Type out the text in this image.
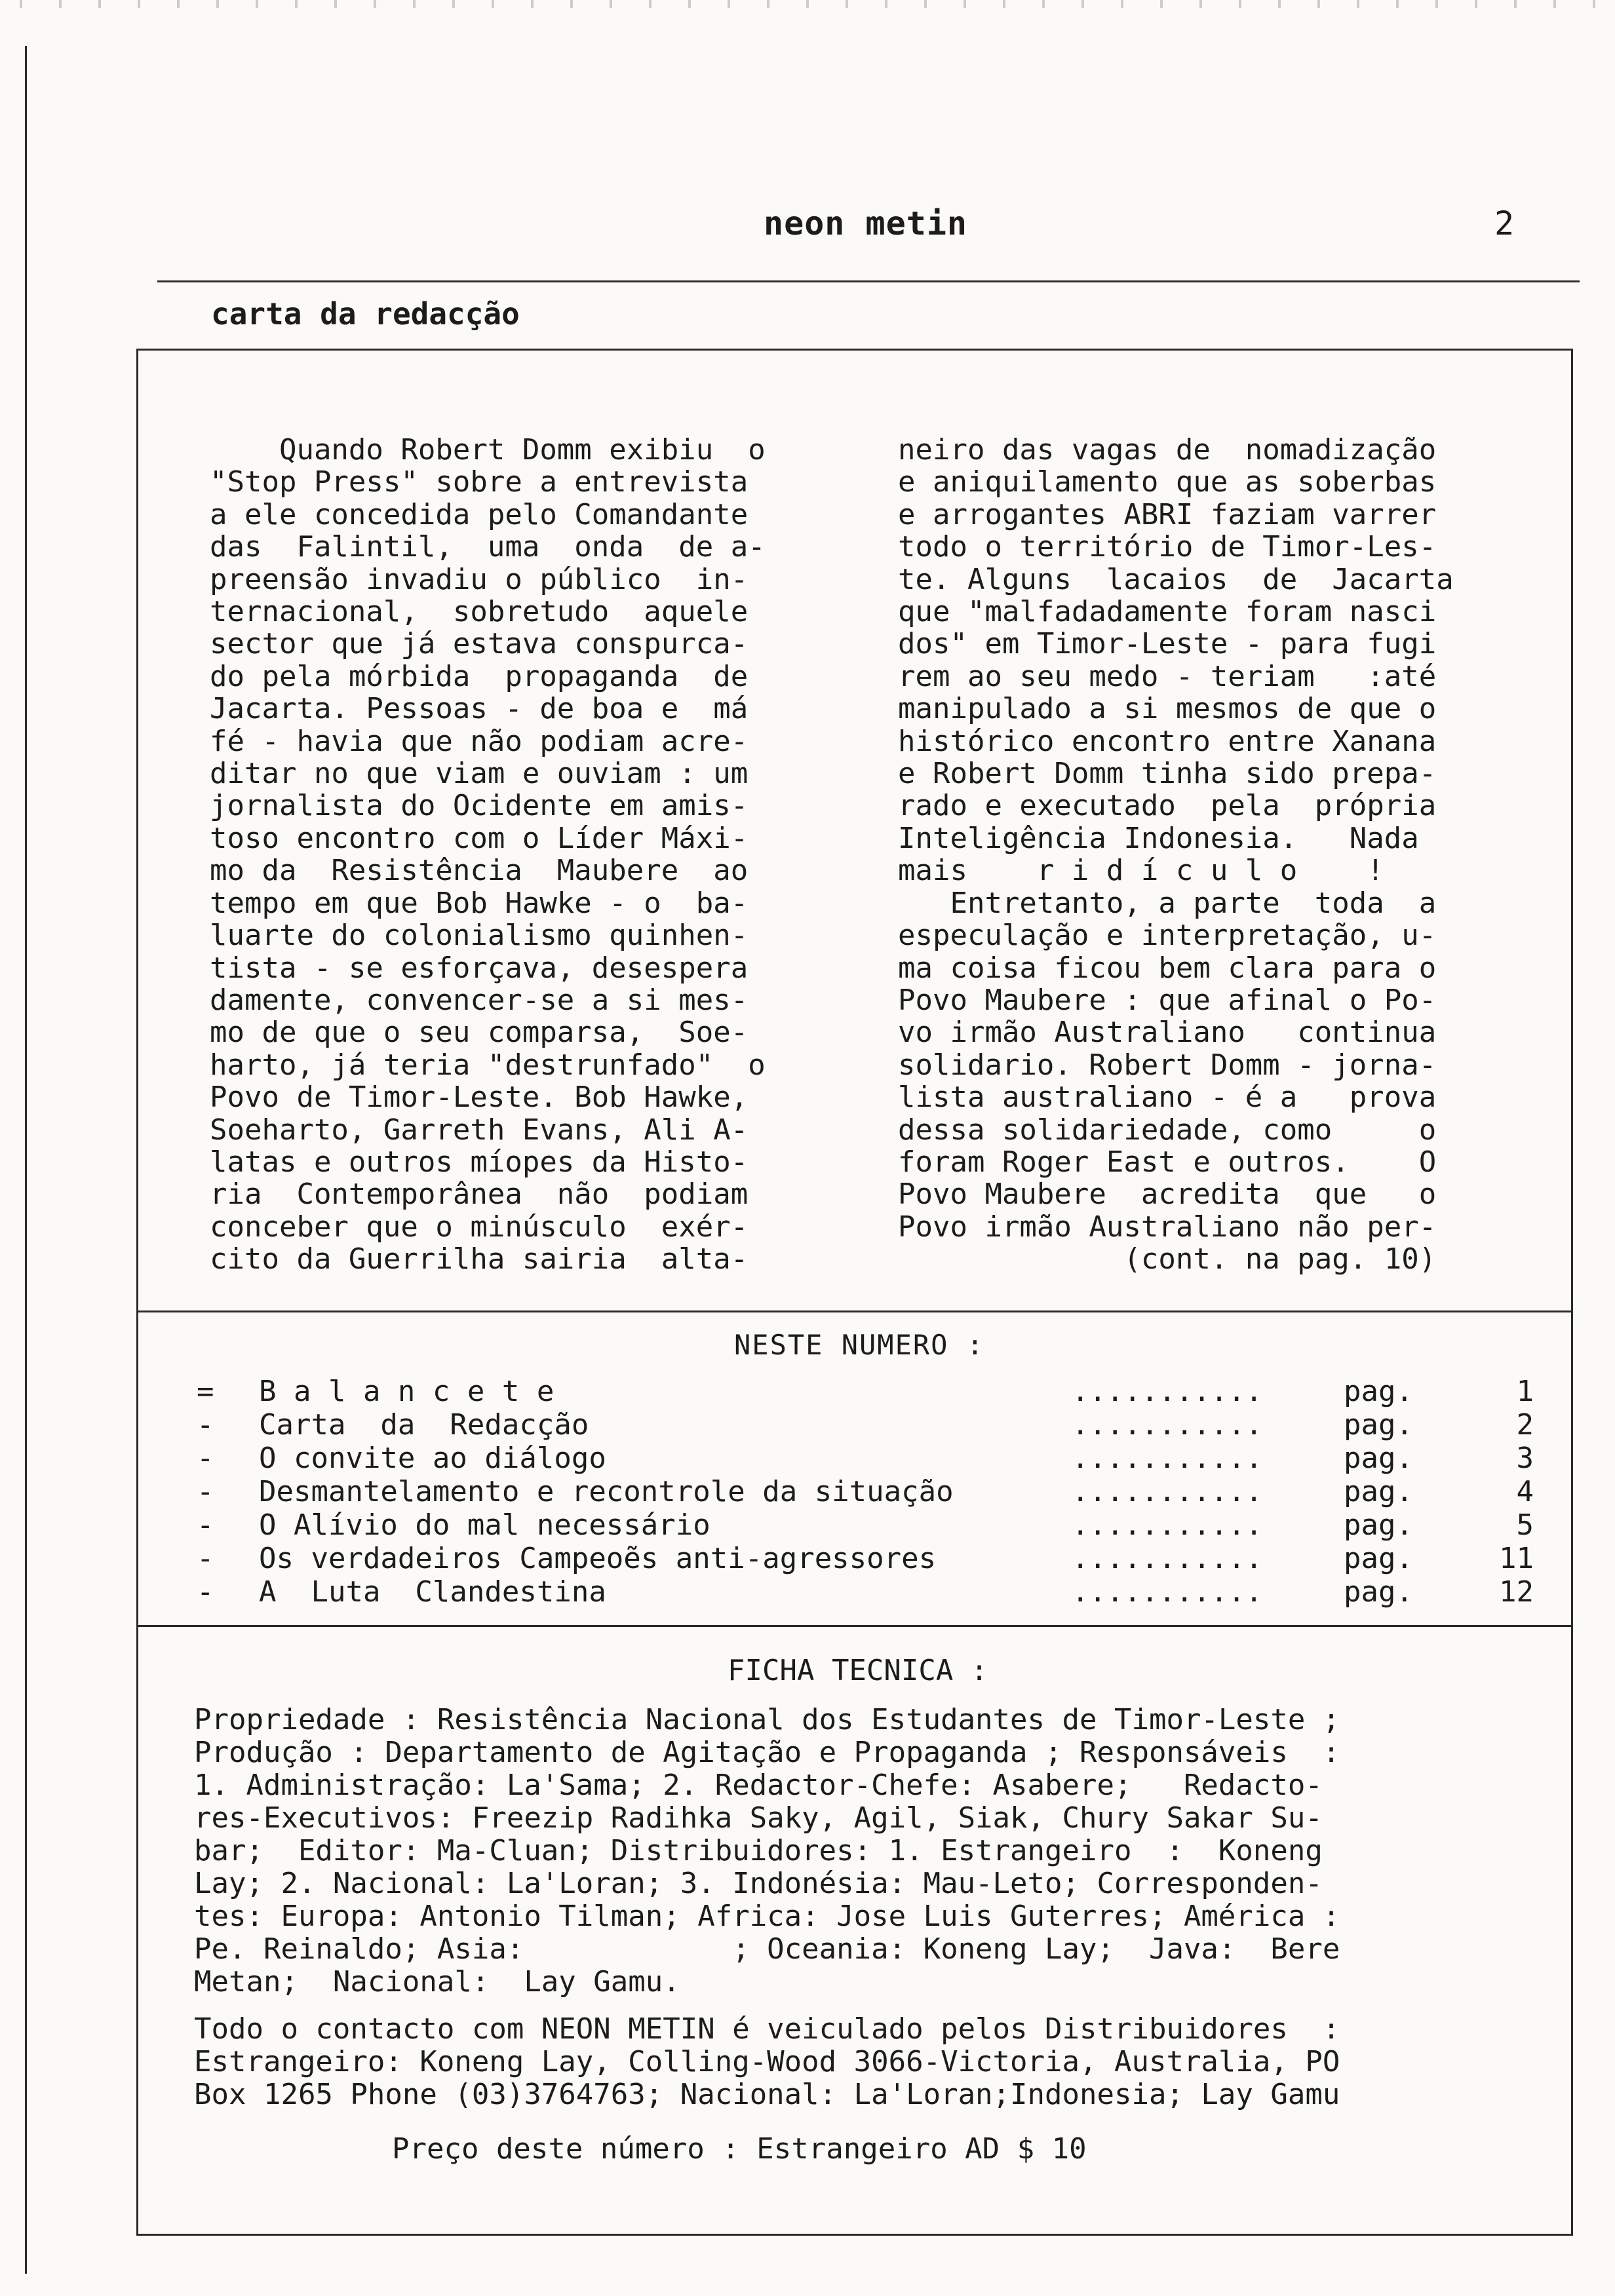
neon metin	2
carta da redacção
Quando Robert Domm exibiu  o
"Stop Press" sobre a entrevista
a ele concedida pelo Comandante
das  Falintil,  uma  onda  de a-
preensão invadiu o público  in-
ternacional,  sobretudo  aquele
sector que já estava conspurca-
do pela mórbida  propaganda  de
Jacarta. Pessoas - de boa e  má
fé - havia que não podiam acre-
ditar no que viam e ouviam : um
jornalista do Ocidente em amis-
toso encontro com o Líder Máxi-
mo da  Resistência  Maubere  ao
tempo em que Bob Hawke - o  ba-
luarte do colonialismo quinhen-
tista - se esforçava, desespera
damente, convencer-se a si mes-
mo de que o seu comparsa,  Soe-
harto, já teria "destrunfado"  o
Povo de Timor-Leste. Bob Hawke,
Soeharto, Garreth Evans, Ali A-
latas e outros míopes da Histo-
ria  Contemporânea  não  podiam
conceber que o minúsculo  exér-
cito da Guerrilha sairia  alta-
neiro das vagas de  nomadização
e aniquilamento que as soberbas
e arrogantes ABRI faziam varrer
todo o território de Timor-Les-
te. Alguns  lacaios  de  Jacarta
que "malfadadamente foram nasci
dos" em Timor-Leste - para fugi
rem ao seu medo - teriam   :até
manipulado a si mesmos de que o
histórico encontro entre Xanana
e Robert Domm tinha sido prepa-
rado e executado  pela  própria
Inteligência Indonesia.   Nada
mais    r i d í c u l o    !
Entretanto, a parte  toda  a
especulação e interpretação, u-
ma coisa ficou bem clara para o
Povo Maubere : que afinal o Po-
vo irmão Australiano   continua
solidario. Robert Domm - jorna-
lista australiano - é a   prova
dessa solidariedade, como     o
foram Roger East e outros.    O
Povo Maubere  acredita  que   o
Povo irmão Australiano não per-
(cont. na pag. 10)
NESTE NUMERO :
= B a l a n c e t e	...........	pag.	1
- Carta  da  Redacção	...........	pag.	2
- O convite ao diálogo	...........	pag.	3
- Desmantelamento e recontrole da situação	...........	pag.	4
- O Alívio do mal necessário	...........	pag.	5
- Os verdadeiros Campeoẽs anti-agressores	...........	pag.	11
- A  Luta  Clandestina	...........	pag.	12
FICHA TECNICA :
Propriedade : Resistência Nacional dos Estudantes de Timor-Leste ;
Produção : Departamento de Agitação e Propaganda ; Responsáveis  :
1. Administração: La'Sama; 2. Redactor-Chefe: Asabere;   Redacto-
res-Executivos: Freezip Radihka Saky, Agil, Siak, Chury Sakar Su-
bar;  Editor: Ma-Cluan; Distribuidores: 1. Estrangeiro  :  Koneng
Lay; 2. Nacional: La'Loran; 3. Indonésia: Mau-Leto; Corresponden-
tes: Europa: Antonio Tilman; Africa: Jose Luis Guterres; América :
Pe. Reinaldo; Asia:            ; Oceania: Koneng Lay;  Java:  Bere
Metan;  Nacional:  Lay Gamu.
Todo o contacto com NEON METIN é veiculado pelos Distribuidores  :
Estrangeiro: Koneng Lay, Colling-Wood 3066-Victoria, Australia, PO
Box 1265 Phone (03)3764763; Nacional: La'Loran;Indonesia; Lay Gamu
Preço deste número : Estrangeiro AD $ 10
